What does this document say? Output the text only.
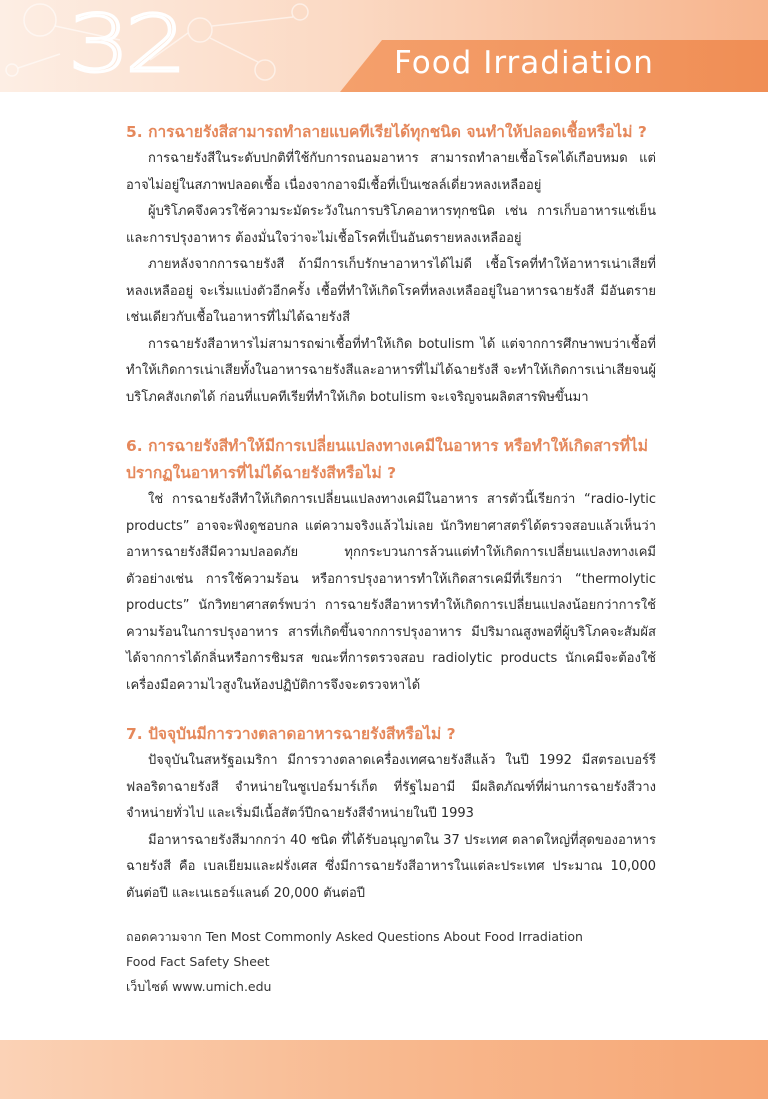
32	Food Irradiation
5. การฉายรังสีสามารถทำลายแบคทีเรียได้ทุกชนิด จนทำให้ปลอดเชื้อหรือไม่ ?

การฉายรังสีในระดับปกติที่ใช้กับการถนอมอาหาร สามารถทำลายเชื้อโรคได้เกือบหมด แต่อาจไม่อยู่ในสภาพปลอดเชื้อ เนื่องจากอาจมีเชื้อที่เป็นเซลล์เดี่ยวหลงเหลืออยู่

ผู้บริโภคจึงควรใช้ความระมัดระวังในการบริโภคอาหารทุกชนิด เช่น การเก็บอาหารแช่เย็น และการปรุงอาหาร ต้องมั่นใจว่าจะไม่เชื้อโรคที่เป็นอันตรายหลงเหลืออยู่

ภายหลังจากการฉายรังสี ถ้ามีการเก็บรักษาอาหารได้ไม่ดี เชื้อโรคที่ทำให้อาหารเน่าเสียที่หลงเหลืออยู่ จะเริ่มแบ่งตัวอีกครั้ง เชื้อที่ทำให้เกิดโรคที่หลงเหลืออยู่ในอาหารฉายรังสี มีอันตรายเช่นเดียวกับเชื้อในอาหารที่ไม่ได้ฉายรังสี

การฉายรังสีอาหารไม่สามารถฆ่าเชื้อที่ทำให้เกิด botulism ได้ แต่จากการศึกษาพบว่าเชื้อที่ทำให้เกิดการเน่าเสียทั้งในอาหารฉายรังสีและอาหารที่ไม่ได้ฉายรังสี จะทำให้เกิดการเน่าเสียจนผู้บริโภคสังเกตได้ ก่อนที่แบคทีเรียที่ทำให้เกิด botulism จะเจริญจนผลิตสารพิษขึ้นมา

6. การฉายรังสีทำให้มีการเปลี่ยนแปลงทางเคมีในอาหาร หรือทำให้เกิดสารที่ไม่ปรากฏในอาหารที่ไม่ได้ฉายรังสีหรือไม่ ?

ใช่ การฉายรังสีทำให้เกิดการเปลี่ยนแปลงทางเคมีในอาหาร สารตัวนี้เรียกว่า “radio-lytic products” อาจจะฟังดูชอบกล แต่ความจริงแล้วไม่เลย นักวิทยาศาสตร์ได้ตรวจสอบแล้วเห็นว่าอาหารฉายรังสีมีความปลอดภัย ทุกกระบวนการล้วนแต่ทำให้เกิดการเปลี่ยนแปลงทางเคมี ตัวอย่างเช่น การใช้ความร้อน หรือการปรุงอาหารทำให้เกิดสารเคมีที่เรียกว่า “thermolytic products” นักวิทยาศาสตร์พบว่า การฉายรังสีอาหารทำให้เกิดการเปลี่ยนแปลงน้อยกว่าการใช้ความร้อนในการปรุงอาหาร สารที่เกิดขึ้นจากการปรุงอาหาร มีปริมาณสูงพอที่ผู้บริโภคจะสัมผัสได้จากการได้กลิ่นหรือการชิมรส ขณะที่การตรวจสอบ radiolytic products นักเคมีจะต้องใช้เครื่องมือความไวสูงในห้องปฏิบัติการจึงจะตรวจหาได้

7. ปัจจุบันมีการวางตลาดอาหารฉายรังสีหรือไม่ ?

ปัจจุบันในสหรัฐอเมริกา มีการวางตลาดเครื่องเทศฉายรังสีแล้ว ในปี 1992 มีสตรอเบอร์รีฟลอริดาฉายรังสี จำหน่ายในซูเปอร์มาร์เก็ต ที่รัฐไมอามี มีผลิตภัณฑ์ที่ผ่านการฉายรังสีวางจำหน่ายทั่วไป และเริ่มมีเนื้อสัตว์ปีกฉายรังสีจำหน่ายในปี 1993

มีอาหารฉายรังสีมากกว่า 40 ชนิด ที่ได้รับอนุญาตใน 37 ประเทศ ตลาดใหญ่ที่สุดของอาหารฉายรังสี คือ เบลเยียมและฝรั่งเศส ซึ่งมีการฉายรังสีอาหารในแต่ละประเทศ ประมาณ 10,000 ตันต่อปี และเนเธอร์แลนด์ 20,000 ตันต่อปี

ถอดความจาก Ten Most Commonly Asked Questions About Food Irradiation
Food Fact Safety Sheet
เว็บไซต์ www.umich.edu
